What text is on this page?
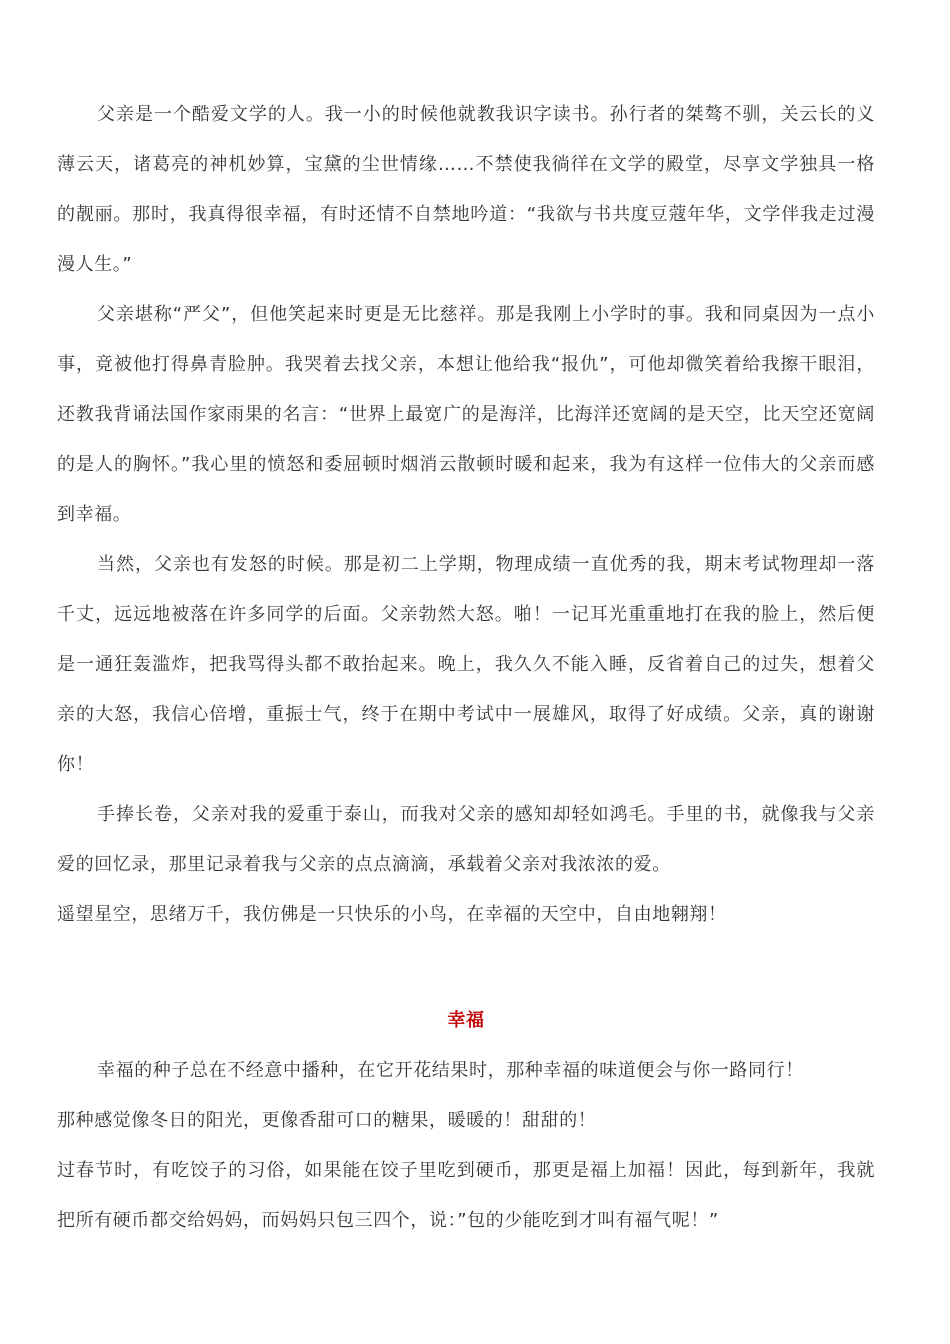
父亲是一个酷爱文学的人。我一小的时候他就教我识字读书。孙行者的桀骜不驯，关云长的义薄云天，诸葛亮的神机妙算，宝黛的尘世情缘……不禁使我徜徉在文学的殿堂，尽享文学独具一格的靓丽。那时，我真得很幸福，有时还情不自禁地吟道：“我欲与书共度豆蔻年华，文学伴我走过漫漫人生。”

父亲堪称“严父”，但他笑起来时更是无比慈祥。那是我刚上小学时的事。我和同桌因为一点小事，竟被他打得鼻青脸肿。我哭着去找父亲，本想让他给我“报仇”，可他却微笑着给我擦干眼泪，还教我背诵法国作家雨果的名言：“世界上最宽广的是海洋，比海洋还宽阔的是天空，比天空还宽阔的是人的胸怀。”我心里的愤怒和委屈顿时烟消云散顿时暖和起来，我为有这样一位伟大的父亲而感到幸福。

当然，父亲也有发怒的时候。那是初二上学期，物理成绩一直优秀的我，期末考试物理却一落千丈，远远地被落在许多同学的后面。父亲勃然大怒。啪！一记耳光重重地打在我的脸上，然后便是一通狂轰滥炸，把我骂得头都不敢抬起来。晚上，我久久不能入睡，反省着自己的过失，想着父亲的大怒，我信心倍增，重振士气，终于在期中考试中一展雄风，取得了好成绩。父亲，真的谢谢你！

手捧长卷，父亲对我的爱重于泰山，而我对父亲的感知却轻如鸿毛。手里的书，就像我与父亲爱的回忆录，那里记录着我与父亲的点点滴滴，承载着父亲对我浓浓的爱。

遥望星空，思绪万千，我仿佛是一只快乐的小鸟，在幸福的天空中，自由地翱翔！

幸福

幸福的种子总在不经意中播种，在它开花结果时，那种幸福的味道便会与你一路同行！

那种感觉像冬日的阳光，更像香甜可口的糖果，暖暖的！甜甜的！

过春节时，有吃饺子的习俗，如果能在饺子里吃到硬币，那更是福上加福！因此，每到新年，我就把所有硬币都交给妈妈，而妈妈只包三四个，说：”包的少能吃到才叫有福气呢！”
